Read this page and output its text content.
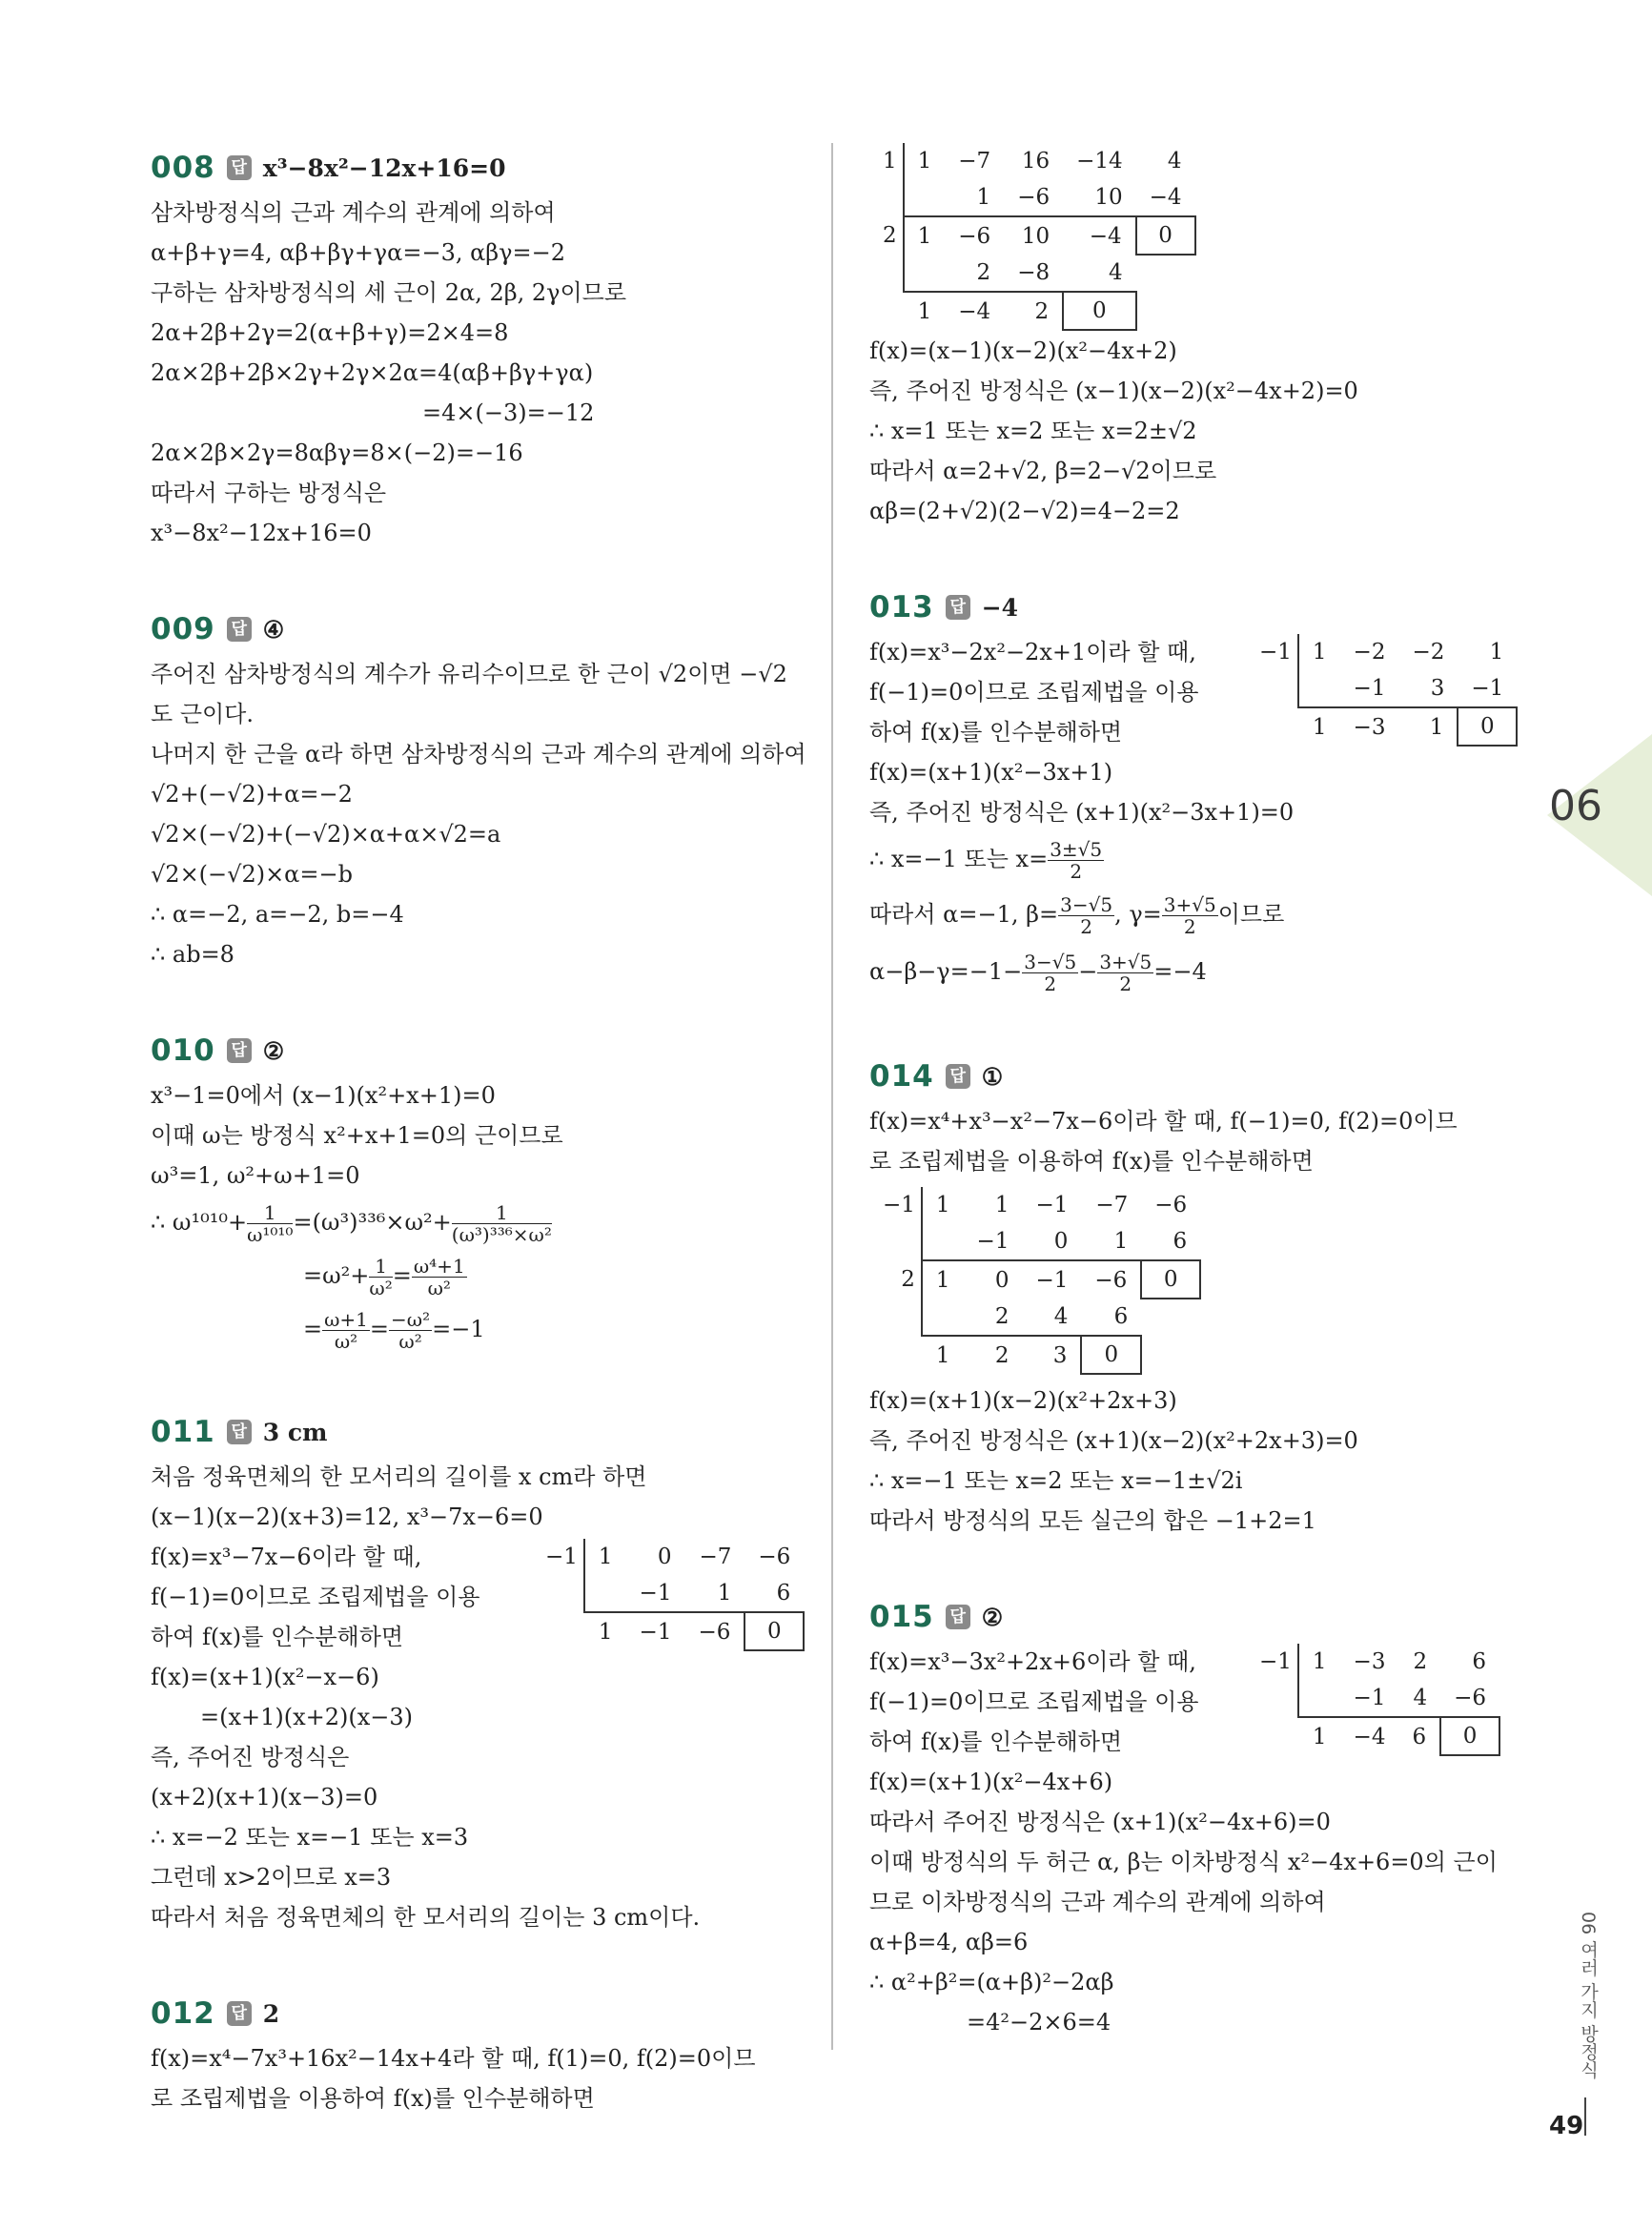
06
008 답 x³−8x²−12x+16=0
삼차방정식의 근과 계수의 관계에 의하여
α+β+γ=4, αβ+βγ+γα=−3, αβγ=−2
구하는 삼차방정식의 세 근이 2α, 2β, 2γ이므로
2α+2β+2γ=2(α+β+γ)=2×4=8
2α×2β+2β×2γ+2γ×2α=4(αβ+βγ+γα)
=4×(−3)=−12
2α×2β×2γ=8αβγ=8×(−2)=−16
따라서 구하는 방정식은
x³−8x²−12x+16=0
009 답 ④
주어진 삼차방정식의 계수가 유리수이므로 한 근이 √2이면 −√2
도 근이다.
나머지 한 근을 α라 하면 삼차방정식의 근과 계수의 관계에 의하여
√2+(−√2)+α=−2
√2×(−√2)+(−√2)×α+α×√2=a
√2×(−√2)×α=−b
∴ α=−2, a=−2, b=−4
∴ ab=8
010 답 ②
x³−1=0에서 (x−1)(x²+x+1)=0
이때 ω는 방정식 x²+x+1=0의 근이므로
ω³=1, ω²+ω+1=0
∴ $\omega^{1010}+ \frac{1}{\text{ω¹⁰¹⁰}} =(\omega^3)^{336}\times\omega^2+ \frac{1}{\text{(ω³)³³⁶×ω²}}$
$=\omega^2+ \frac{1}{\text{ω²}} = \frac{\text{ω⁴+1}}{\text{ω²}}$
= $\frac{\omega+1}{\text{ω²}} = \frac{\text{−ω²}}{\text{ω²}} =-1$
011 답 3 cm
처음 정육면체의 한 모서리의 길이를 x cm라 하면
(x−1)(x−2)(x+3)=12, x³−7x−6=0
f(x)=x³−7x−6이라 할 때,
f(−1)=0이므로 조립제법을 이용
하여 f(x)를 인수분해하면
−1	1	0	−7	−6
		−1	1	6
	1	−1	−6	0
f(x)=(x+1)(x²−x−6)
=(x+1)(x+2)(x−3)
즉, 주어진 방정식은
(x+2)(x+1)(x−3)=0
∴ x=−2 또는 x=−1 또는 x=3
그런데 x>2이므로 x=3
따라서 처음 정육면체의 한 모서리의 길이는 3 cm이다.
012 답 2
f(x)=x⁴−7x³+16x²−14x+4라 할 때, f(1)=0, f(2)=0이므
로 조립제법을 이용하여 f(x)를 인수분해하면
1	1	−7	16	−14	4
		1	−6	10	−4
2	1	−6	10	−4	0
		2	−8	4	
	1	−4	2	0	
f(x)=(x−1)(x−2)(x²−4x+2)
즉, 주어진 방정식은 (x−1)(x−2)(x²−4x+2)=0
∴ x=1 또는 x=2 또는 x=2±√2
따라서 α=2+√2, β=2−√2이므로
αβ=(2+√2)(2−√2)=4−2=2
013 답 −4
f(x)=x³−2x²−2x+1이라 할 때,
f(−1)=0이므로 조립제법을 이용
하여 f(x)를 인수분해하면
−1	1	−2	−2	1
		−1	3	−1
	1	−3	1	0
f(x)=(x+1)(x²−3x+1)
즉, 주어진 방정식은 (x+1)(x²−3x+1)=0
∴ x=−1 또는 $x= \frac{3\pm√5}{2}$
따라서 α=−1, $\beta= \frac{3-√5}{2}$ , $\gamma= \frac{3+√5}{2}$ 이므로
$\alpha-\beta-\gamma=-1- \frac{3-√5}{2} - \frac{3+√5}{2} =-4$
014 답 ①
f(x)=x⁴+x³−x²−7x−6이라 할 때, f(−1)=0, f(2)=0이므
로 조립제법을 이용하여 f(x)를 인수분해하면
−1	1	1	−1	−7	−6
		−1	0	1	6
2	1	0	−1	−6	0
		2	4	6	
	1	2	3	0	
f(x)=(x+1)(x−2)(x²+2x+3)
즉, 주어진 방정식은 (x+1)(x−2)(x²+2x+3)=0
∴ x=−1 또는 x=2 또는 x=−1±√2i
따라서 방정식의 모든 실근의 합은 −1+2=1
015 답 ②
f(x)=x³−3x²+2x+6이라 할 때,
f(−1)=0이므로 조립제법을 이용
하여 f(x)를 인수분해하면
−1	1	−3	2	6
		−1	4	−6
	1	−4	6	0
f(x)=(x+1)(x²−4x+6)
따라서 주어진 방정식은 (x+1)(x²−4x+6)=0
이때 방정식의 두 허근 α, β는 이차방정식 x²−4x+6=0의 근이
므로 이차방정식의 근과 계수의 관계에 의하여
α+β=4, αβ=6
∴ α²+β²=(α+β)²−2αβ
=4²−2×6=4	06 여러 가지 방정식
49
